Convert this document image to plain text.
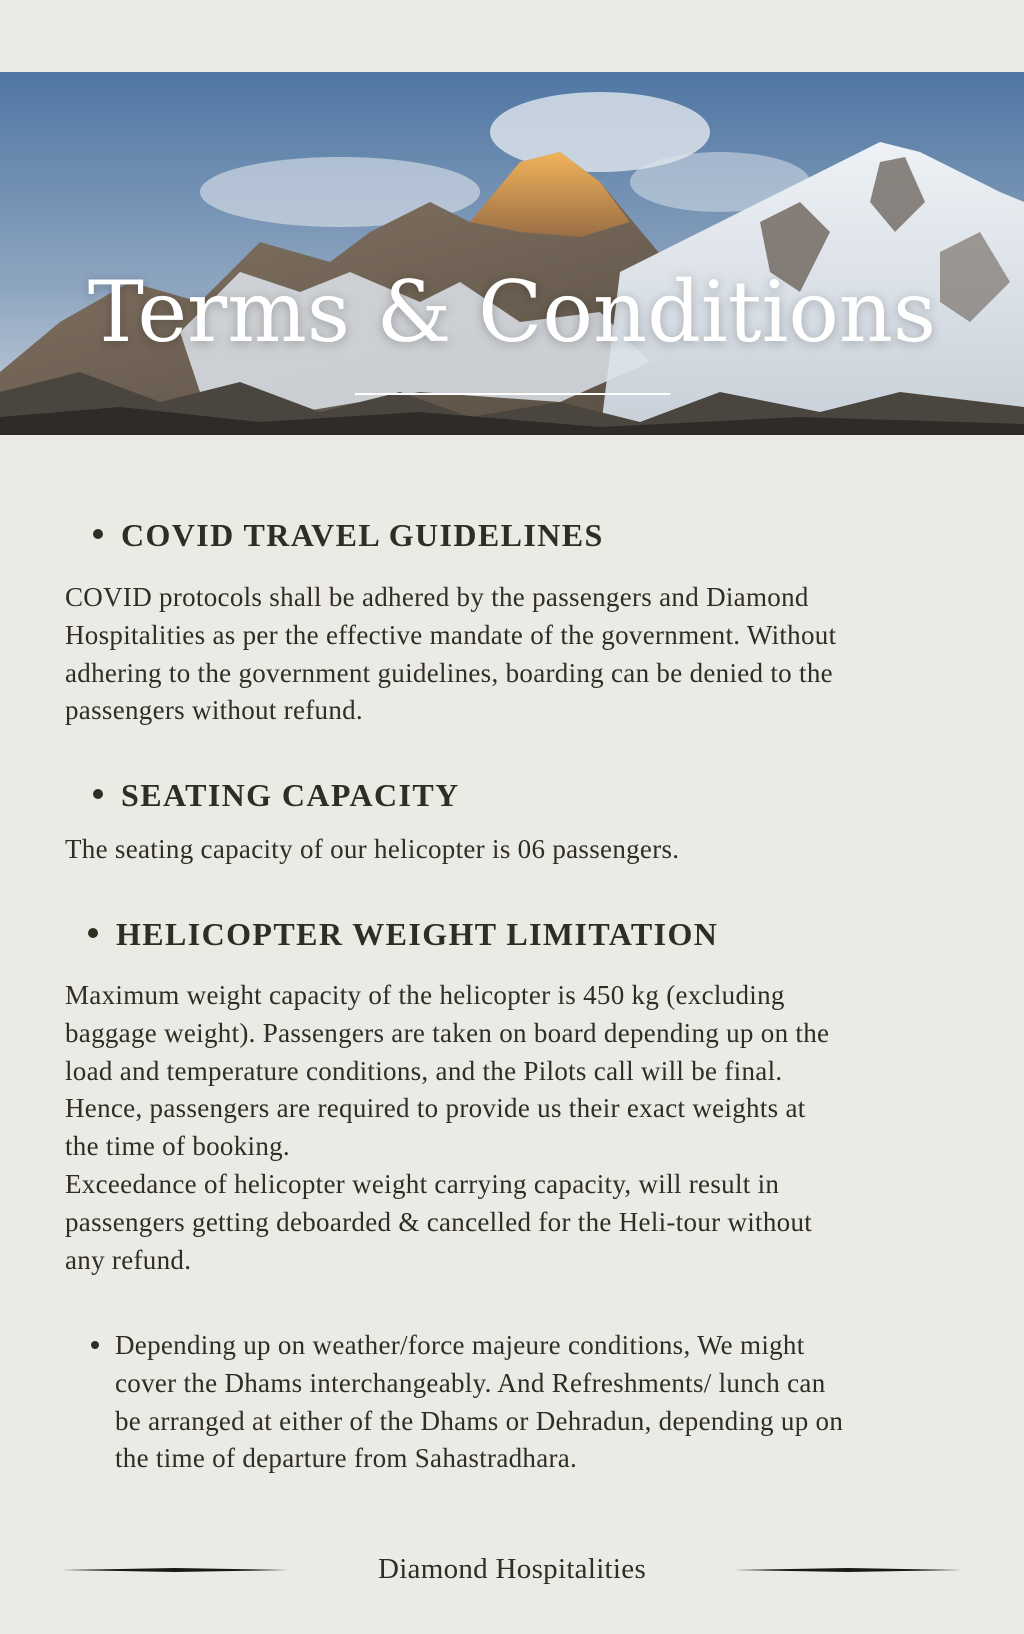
Terms & Conditions
COVID TRAVEL GUIDELINES
COVID protocols shall be adhered by the passengers and Diamond
Hospitalities as per the effective mandate of the government. Without
adhering to the government guidelines, boarding can be denied to the
passengers without refund.
SEATING CAPACITY
The seating capacity of our helicopter is 06 passengers.
HELICOPTER WEIGHT LIMITATION
Maximum weight capacity of the helicopter is 450 kg (excluding
baggage weight). Passengers are taken on board depending up on the
load and temperature conditions, and the Pilots call will be final.
Hence, passengers are required to provide us their exact weights at
the time of booking.
Exceedance of helicopter weight carrying capacity, will result in
passengers getting deboarded & cancelled for the Heli-tour without
any refund.
Depending up on weather/force majeure conditions, We might
cover the Dhams interchangeably. And Refreshments/ lunch can
be arranged at either of the Dhams or Dehradun, depending up on
the time of departure from Sahastradhara.
Diamond Hospitalities
